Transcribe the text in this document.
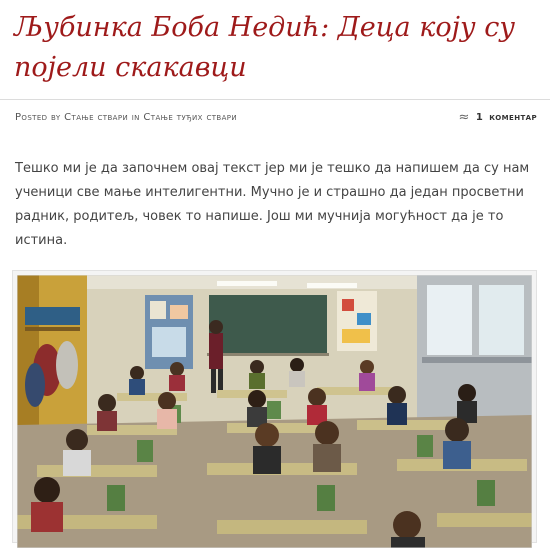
Љубинка Боба Недић: Деца коју су појели скакавци
Posted by Стање ствари in Стање туђих ствари	≈ 1 коментар

Тешко ми је да започнем овај текст јер ми је тешко да напишем да су нам ученици све мање интелигентни. Мучно је и страшно да један просветни радник, родитељ, човек то напише. Још ми мучнија могућност да је то истина.
